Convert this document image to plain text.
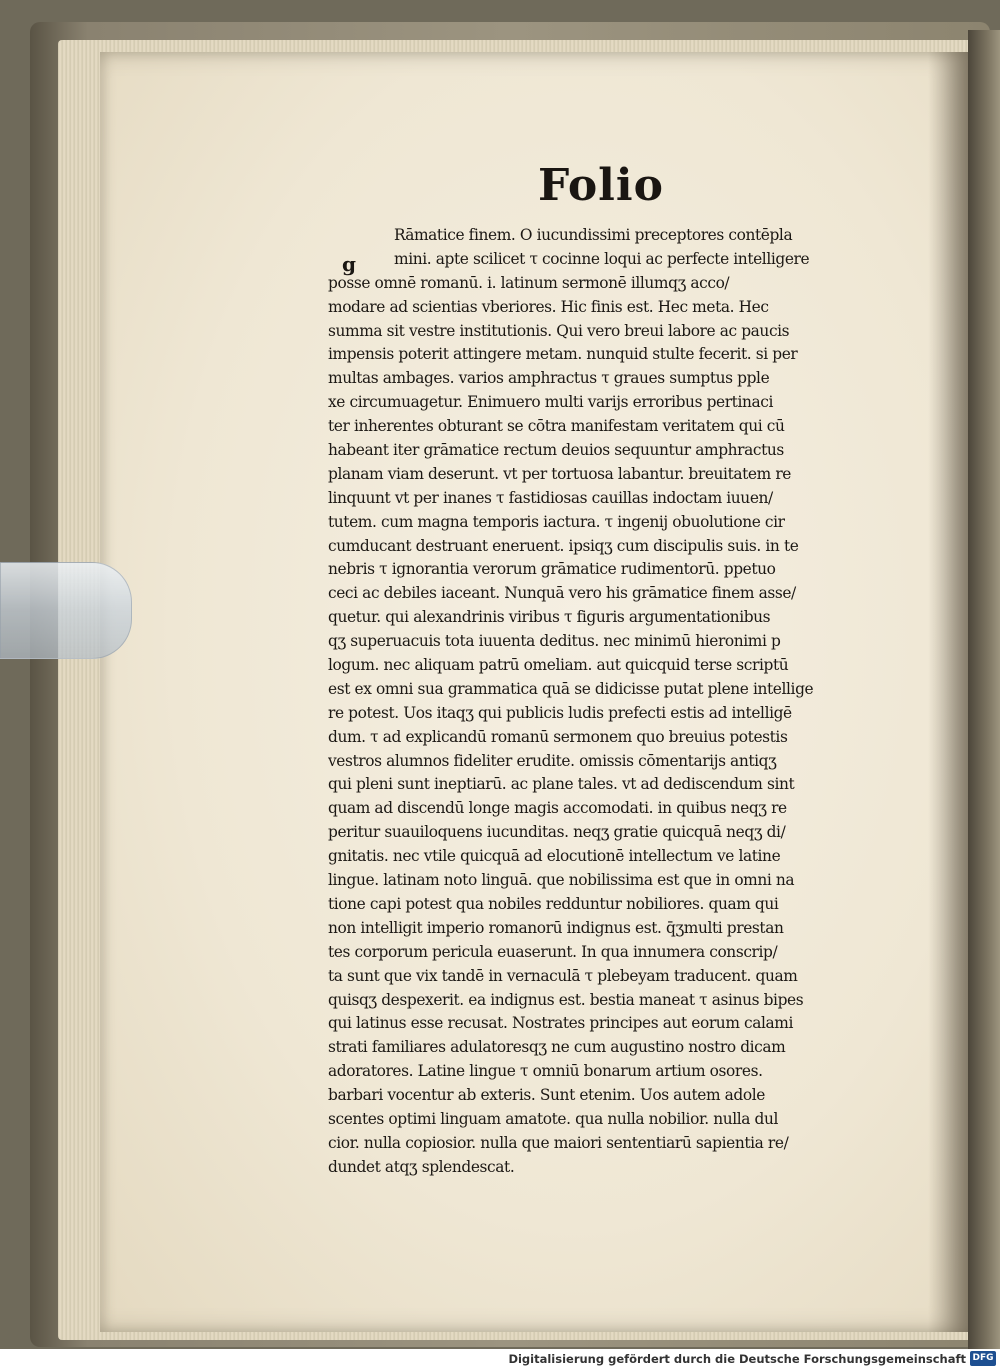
Folio
g
Rāmatice finem. O iucundissimi preceptores contēpla
mini. apte scilicet τ cocinne loqui ac perfecte intelligere
posse omnē romanū. i. latinum sermonē illumqʒ acco/
modare ad scientias vberiores. Hic finis est. Hec meta. Hec
summa sit vestre institutionis. Qui vero breui labore ac paucis
impensis poterit attingere metam. nunquid stulte fecerit. si per
multas ambages. varios amphractus τ graues sumptus pple
xe circumuagetur. Enimuero multi varijs erroribus pertinaci
ter inherentes obturant se cōtra manifestam veritatem qui cū
habeant iter grāmatice rectum deuios sequuntur amphractus
planam viam deserunt. vt per tortuosa labantur. breuitatem re
linquunt vt per inanes τ fastidiosas cauillas indoctam iuuen/
tutem. cum magna temporis iactura. τ ingenij obuolutione cir
cumducant destruant eneruent. ipsiqʒ cum discipulis suis. in te
nebris τ ignorantia verorum grāmatice rudimentorū. ppetuo
ceci ac debiles iaceant. Nunquā vero his grāmatice finem asse/
quetur. qui alexandrinis viribus τ figuris argumentationibus
qʒ superuacuis tota iuuenta deditus. nec minimū hieronimi p
logum. nec aliquam patrū omeliam. aut quicquid terse scriptū
est ex omni sua grammatica quā se didicisse putat plene intellige
re potest. Uos itaqʒ qui publicis ludis prefecti estis ad intelligē
dum. τ ad explicandū romanū sermonem quo breuius potestis
vestros alumnos fideliter erudite. omissis cōmentarijs antiqʒ
qui pleni sunt ineptiarū. ac plane tales. vt ad dediscendum sint
quam ad discendū longe magis accomodati. in quibus neqʒ re
peritur suauiloquens iucunditas. neqʒ gratie quicquā neqʒ di/
gnitatis. nec vtile quicquā ad elocutionē intellectum ve latine
lingue. latinam noto linguā. que nobilissima est que in omni na
tione capi potest qua nobiles redduntur nobiliores. quam qui
non intelligit imperio romanorū indignus est. q̄ʒmulti prestan
tes corporum pericula euaserunt. In qua innumera conscrip/
ta sunt que vix tandē in vernaculā τ plebeyam traducent. quam
quisqʒ despexerit. ea indignus est. bestia maneat τ asinus bipes
qui latinus esse recusat. Nostrates principes aut eorum calami
strati familiares adulatoresqʒ ne cum augustino nostro dicam
adoratores. Latine lingue τ omniū bonarum artium osores.
barbari vocentur ab exteris. Sunt etenim. Uos autem adole
scentes optimi linguam amatote. qua nulla nobilior. nulla dul
cior. nulla copiosior. nulla que maiori sententiarū sapientia re/
dundet atqʒ splendescat.
Digitalisierung gefördert durch die Deutsche Forschungsgemeinschaft DFG
